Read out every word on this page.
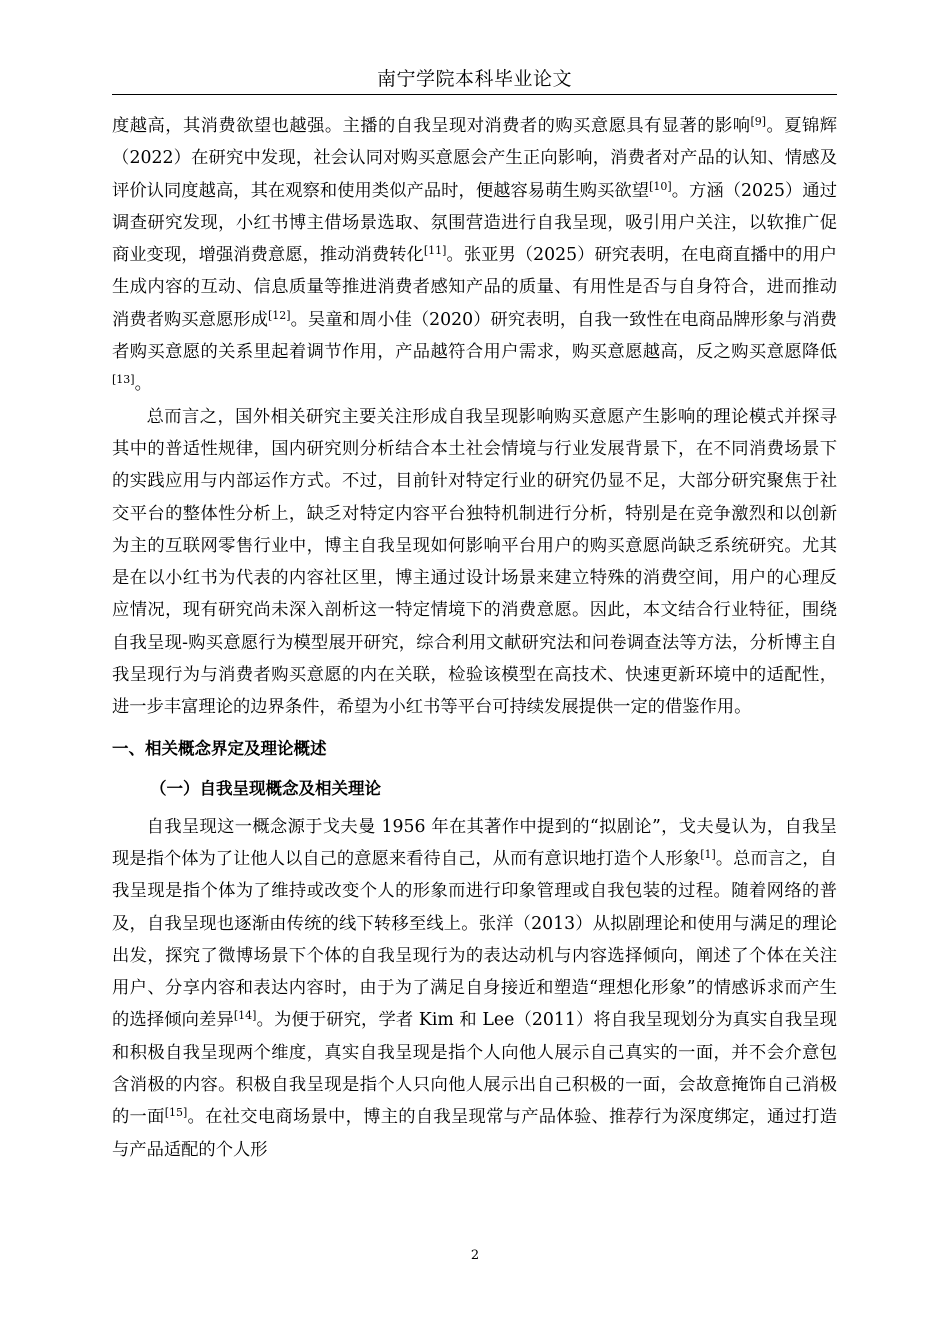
南宁学院本科毕业论文

度越高，其消费欲望也越强。主播的自我呈现对消费者的购买意愿具有显著的影响[9]。夏锦辉（2022）在研究中发现，社会认同对购买意愿会产生正向影响，消费者对产品的认知、情感及评价认同度越高，其在观察和使用类似产品时，便越容易萌生购买欲望[10]。方涵（2025）通过调查研究发现，小红书博主借场景选取、氛围营造进行自我呈现，吸引用户关注，以软推广促商业变现，增强消费意愿，推动消费转化[11]。张亚男（2025）研究表明，在电商直播中的用户生成内容的互动、信息质量等推进消费者感知产品的质量、有用性是否与自身符合，进而推动消费者购买意愿形成[12]。吴童和周小佳（2020）研究表明，自我一致性在电商品牌形象与消费者购买意愿的关系里起着调节作用，产品越符合用户需求，购买意愿越高，反之购买意愿降低[13]。

总而言之，国外相关研究主要关注形成自我呈现影响购买意愿产生影响的理论模式并探寻其中的普适性规律，国内研究则分析结合本土社会情境与行业发展背景下，在不同消费场景下的实践应用与内部运作方式。不过，目前针对特定行业的研究仍显不足，大部分研究聚焦于社交平台的整体性分析上，缺乏对特定内容平台独特机制进行分析，特别是在竞争激烈和以创新为主的互联网零售行业中，博主自我呈现如何影响平台用户的购买意愿尚缺乏系统研究。尤其是在以小红书为代表的内容社区里，博主通过设计场景来建立特殊的消费空间，用户的心理反应情况，现有研究尚未深入剖析这一特定情境下的消费意愿。因此，本文结合行业特征，围绕自我呈现-购买意愿行为模型展开研究，综合利用文献研究法和问卷调查法等方法，分析博主自我呈现行为与消费者购买意愿的内在关联，检验该模型在高技术、快速更新环境中的适配性，进一步丰富理论的边界条件，希望为小红书等平台可持续发展提供一定的借鉴作用。

一、相关概念界定及理论概述

（一）自我呈现概念及相关理论

自我呈现这一概念源于戈夫曼 1956 年在其著作中提到的“拟剧论”，戈夫曼认为，自我呈现是指个体为了让他人以自己的意愿来看待自己，从而有意识地打造个人形象[1]。总而言之，自我呈现是指个体为了维持或改变个人的形象而进行印象管理或自我包装的过程。随着网络的普及，自我呈现也逐渐由传统的线下转移至线上。张洋（2013）从拟剧理论和使用与满足的理论出发，探究了微博场景下个体的自我呈现行为的表达动机与内容选择倾向，阐述了个体在关注用户、分享内容和表达内容时，由于为了满足自身接近和塑造“理想化形象”的情感诉求而产生的选择倾向差异[14]。为便于研究，学者 Kim 和 Lee（2011）将自我呈现划分为真实自我呈现和积极自我呈现两个维度，真实自我呈现是指个人向他人展示自己真实的一面，并不会介意包含消极的内容。积极自我呈现是指个人只向他人展示出自己积极的一面，会故意掩饰自己消极的一面[15]。在社交电商场景中，博主的自我呈现常与产品体验、推荐行为深度绑定，通过打造与产品适配的个人形

2
